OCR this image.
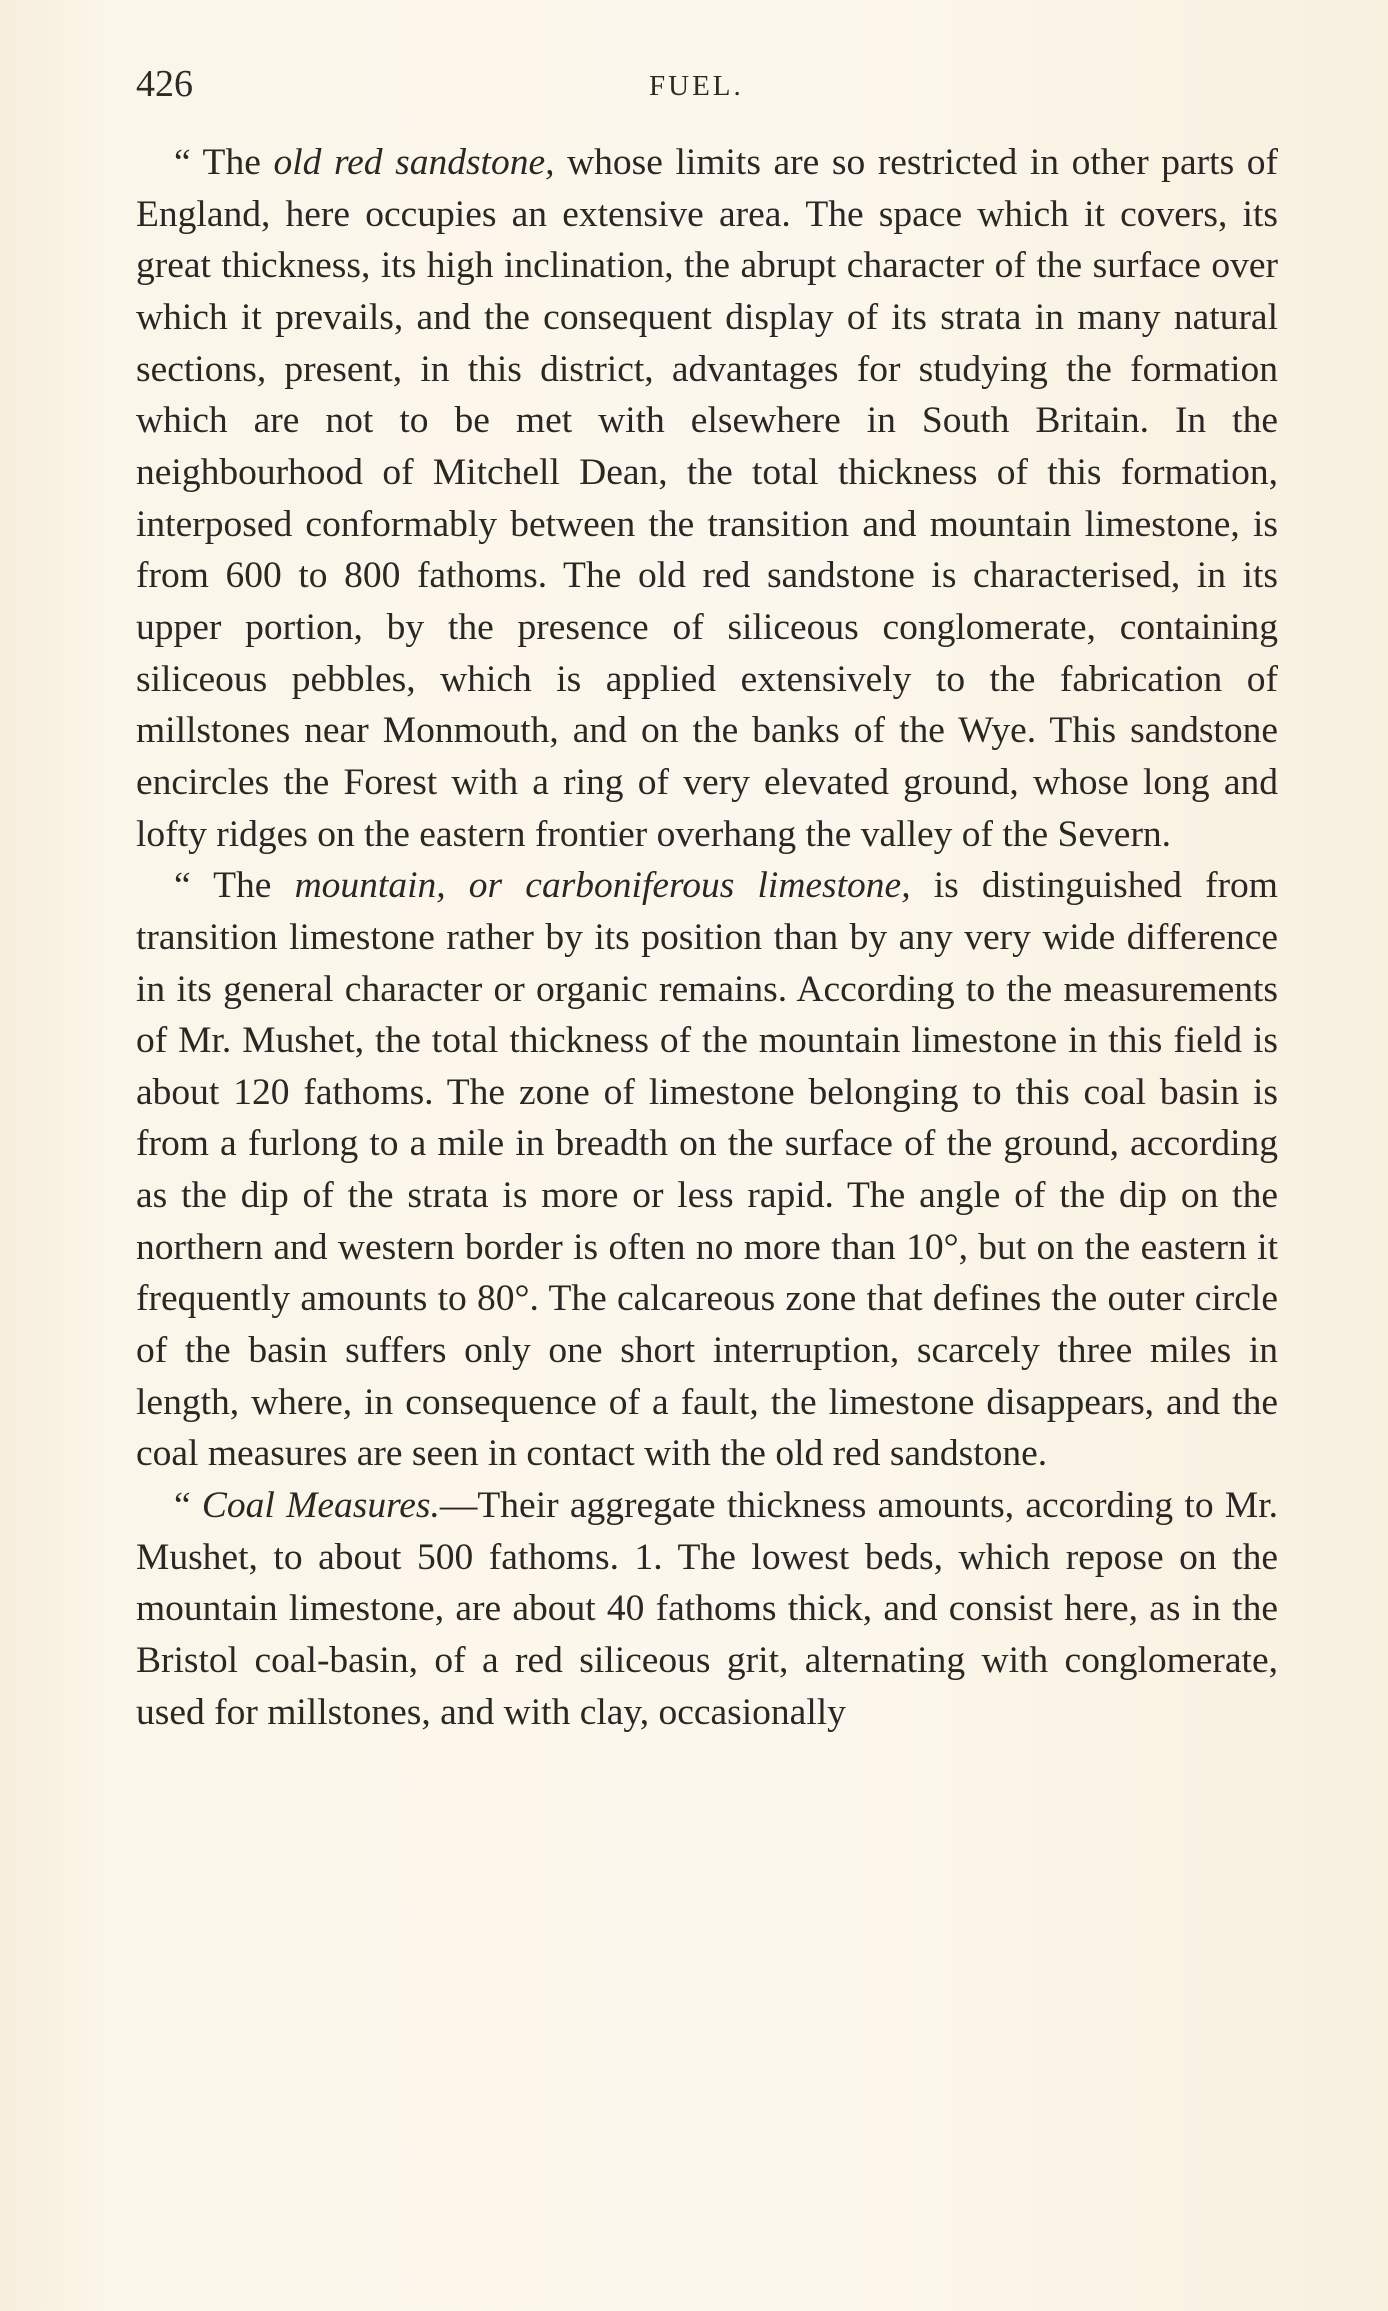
426	FUEL.

“ The old red sandstone, whose limits are so restricted in other parts of England, here occupies an extensive area. The space which it covers, its great thickness, its high inclination, the abrupt character of the surface over which it prevails, and the consequent display of its strata in many natural sections, present, in this district, advantages for studying the formation which are not to be met with elsewhere in South Britain. In the neighbourhood of Mitchell Dean, the total thickness of this formation, interposed conformably between the transition and mountain limestone, is from 600 to 800 fathoms. The old red sandstone is characterised, in its upper portion, by the presence of siliceous conglomerate, containing siliceous pebbles, which is applied extensively to the fabrication of millstones near Monmouth, and on the banks of the Wye. This sandstone encircles the Forest with a ring of very elevated ground, whose long and lofty ridges on the eastern frontier overhang the valley of the Severn.

“ The mountain, or carboniferous limestone, is distinguished from transition limestone rather by its position than by any very wide difference in its general character or organic remains. According to the measurements of Mr. Mushet, the total thickness of the mountain limestone in this field is about 120 fathoms. The zone of limestone belonging to this coal basin is from a furlong to a mile in breadth on the surface of the ground, according as the dip of the strata is more or less rapid. The angle of the dip on the northern and western border is often no more than 10°, but on the eastern it frequently amounts to 80°. The calcareous zone that defines the outer circle of the basin suffers only one short interruption, scarcely three miles in length, where, in consequence of a fault, the limestone disappears, and the coal measures are seen in contact with the old red sandstone.

“ Coal Measures.—Their aggregate thickness amounts, according to Mr. Mushet, to about 500 fathoms. 1. The lowest beds, which repose on the mountain limestone, are about 40 fathoms thick, and consist here, as in the Bristol coal-basin, of a red siliceous grit, alternating with conglomerate, used for millstones, and with clay, occasionally
